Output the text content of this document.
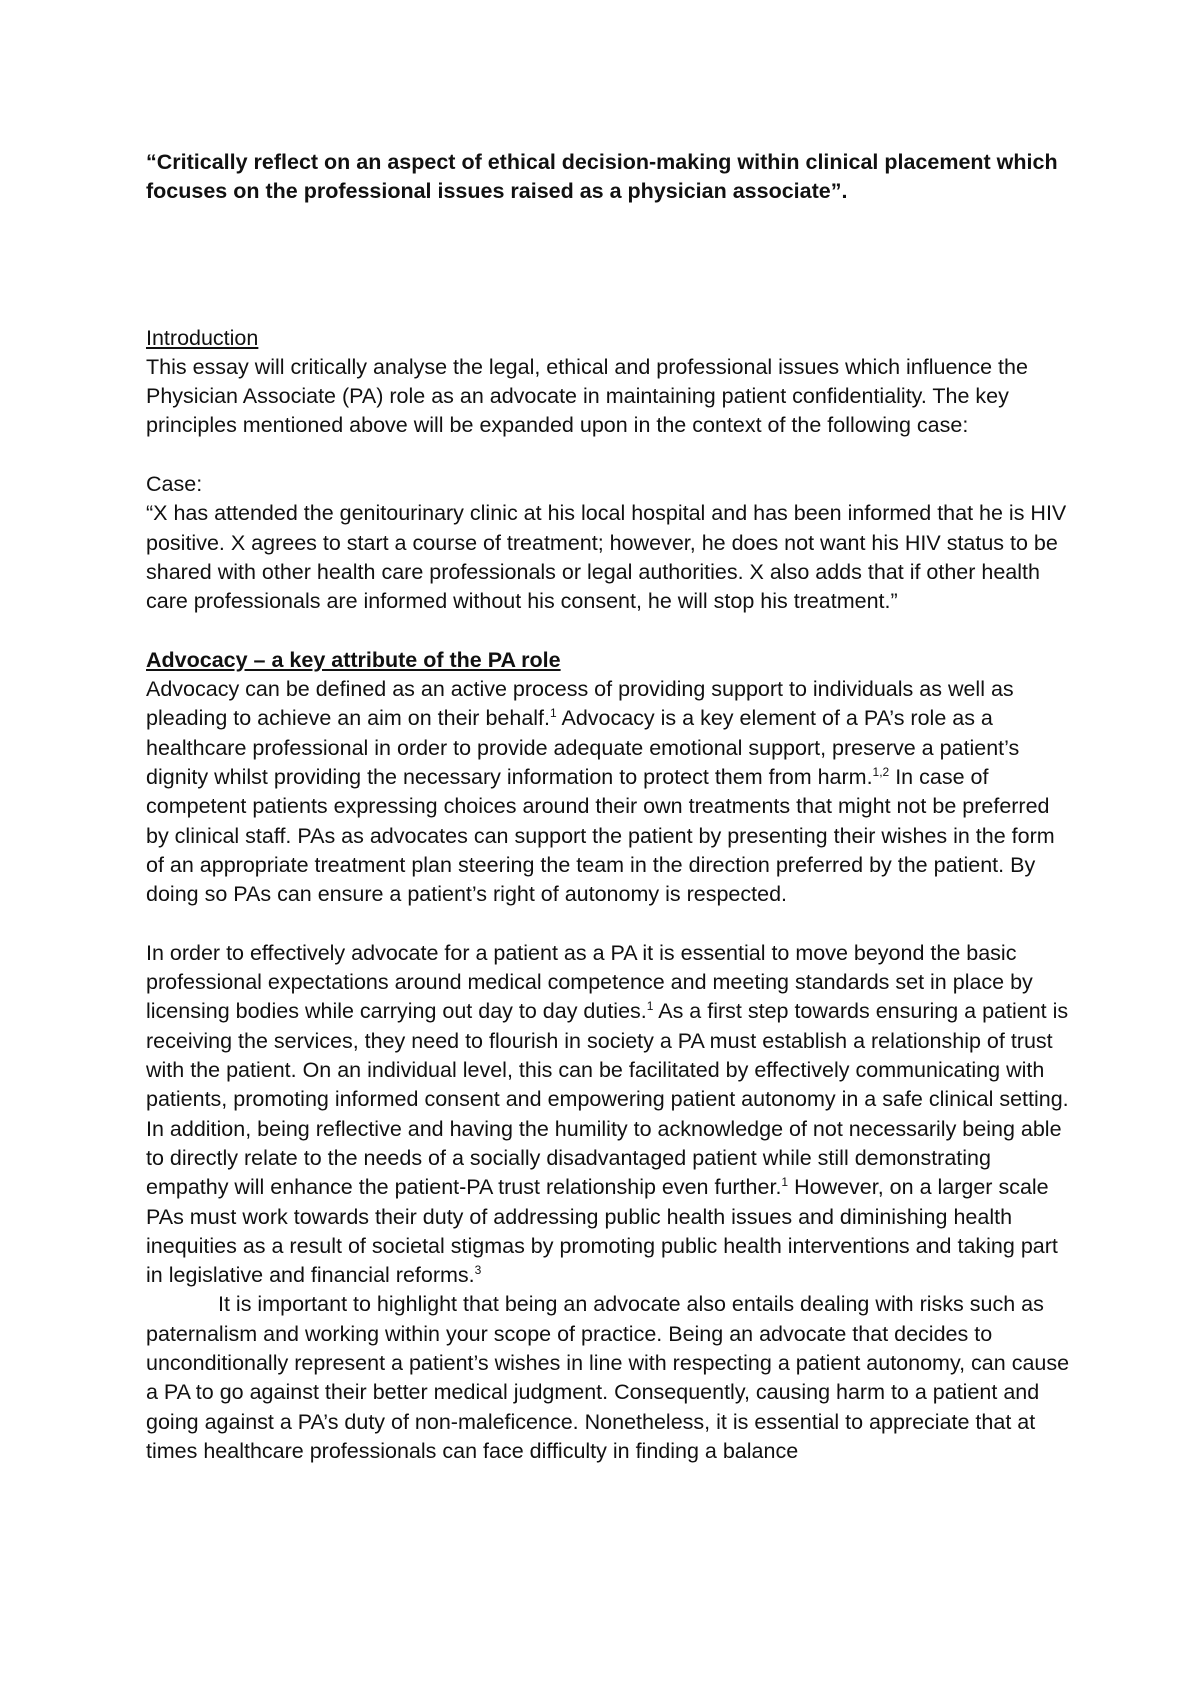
“Critically reflect on an aspect of ethical decision-making within clinical placement which focuses on the professional issues raised as a physician associate”.

Introduction

This essay will critically analyse the legal, ethical and professional issues which influence the Physician Associate (PA) role as an advocate in maintaining patient confidentiality. The key principles mentioned above will be expanded upon in the context of the following case:

Case:

“X has attended the genitourinary clinic at his local hospital and has been informed that he is HIV positive. X agrees to start a course of treatment; however, he does not want his HIV status to be shared with other health care professionals or legal authorities. X also adds that if other health care professionals are informed without his consent, he will stop his treatment.”

Advocacy – a key attribute of the PA role

Advocacy can be defined as an active process of providing support to individuals as well as pleading to achieve an aim on their behalf.$^1$ Advocacy is a key element of a PA’s role as a healthcare professional in order to provide adequate emotional support, preserve a patient’s dignity whilst providing the necessary information to protect them from harm.$^{1,2}$ In case of competent patients expressing choices around their own treatments that might not be preferred by clinical staff. PAs as advocates can support the patient by presenting their wishes in the form of an appropriate treatment plan steering the team in the direction preferred by the patient. By doing so PAs can ensure a patient’s right of autonomy is respected.

In order to effectively advocate for a patient as a PA it is essential to move beyond the basic professional expectations around medical competence and meeting standards set in place by licensing bodies while carrying out day to day duties.$^1$ As a first step towards ensuring a patient is receiving the services, they need to flourish in society a PA must establish a relationship of trust with the patient. On an individual level, this can be facilitated by effectively communicating with patients, promoting informed consent and empowering patient autonomy in a safe clinical setting. In addition, being reflective and having the humility to acknowledge of not necessarily being able to directly relate to the needs of a socially disadvantaged patient while still demonstrating empathy will enhance the patient-PA trust relationship even further.$^1$ However, on a larger scale PAs must work towards their duty of addressing public health issues and diminishing health inequities as a result of societal stigmas by promoting public health interventions and taking part in legislative and financial reforms.$^3$

It is important to highlight that being an advocate also entails dealing with risks such as paternalism and working within your scope of practice. Being an advocate that decides to unconditionally represent a patient’s wishes in line with respecting a patient autonomy, can cause a PA to go against their better medical judgment. Consequently, causing harm to a patient and going against a PA’s duty of non-maleficence. Nonetheless, it is essential to appreciate that at times healthcare professionals can face difficulty in finding a balance
